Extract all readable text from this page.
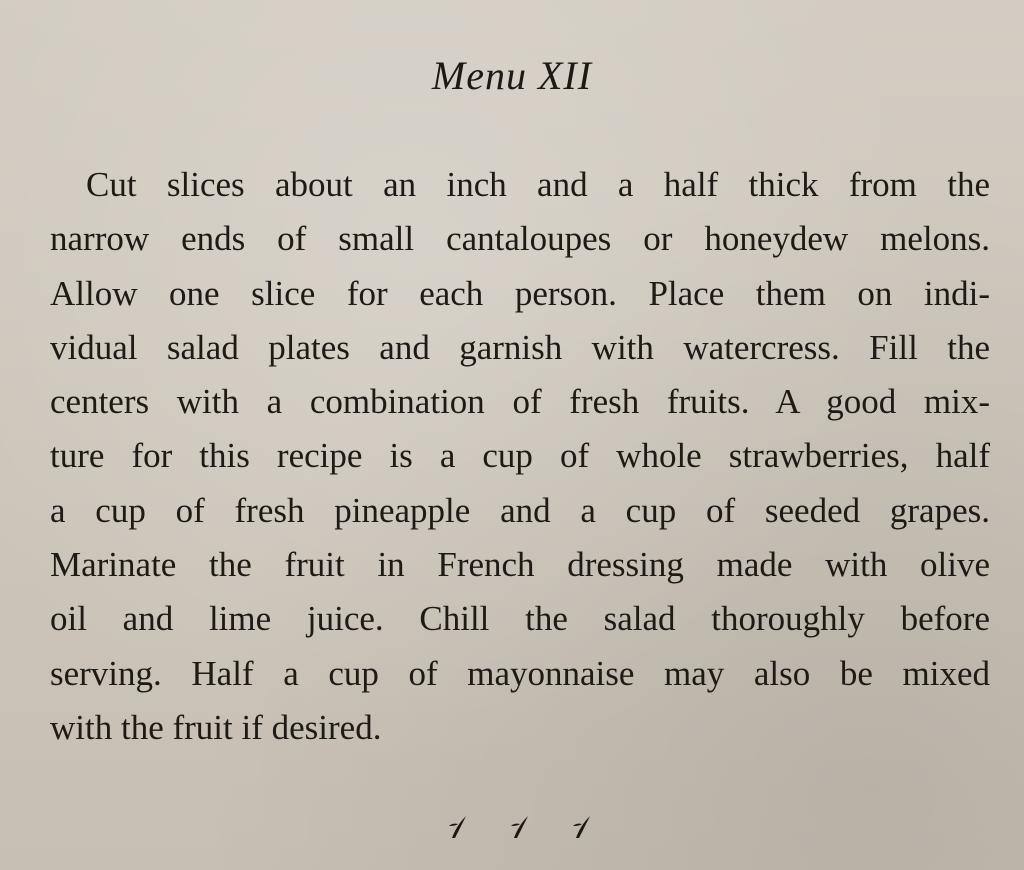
Menu XII
Cut slices about an inch and a half thick from the
narrow ends of small cantaloupes or honeydew melons.
Allow one slice for each person. Place them on indi-
vidual salad plates and garnish with watercress. Fill the
centers with a combination of fresh fruits. A good mix-
ture for this recipe is a cup of whole strawberries, half
a cup of fresh pineapple and a cup of seeded grapes.
Marinate the fruit in French dressing made with olive
oil and lime juice. Chill the salad thoroughly before
serving. Half a cup of mayonnaise may also be mixed
with the fruit if desired.
